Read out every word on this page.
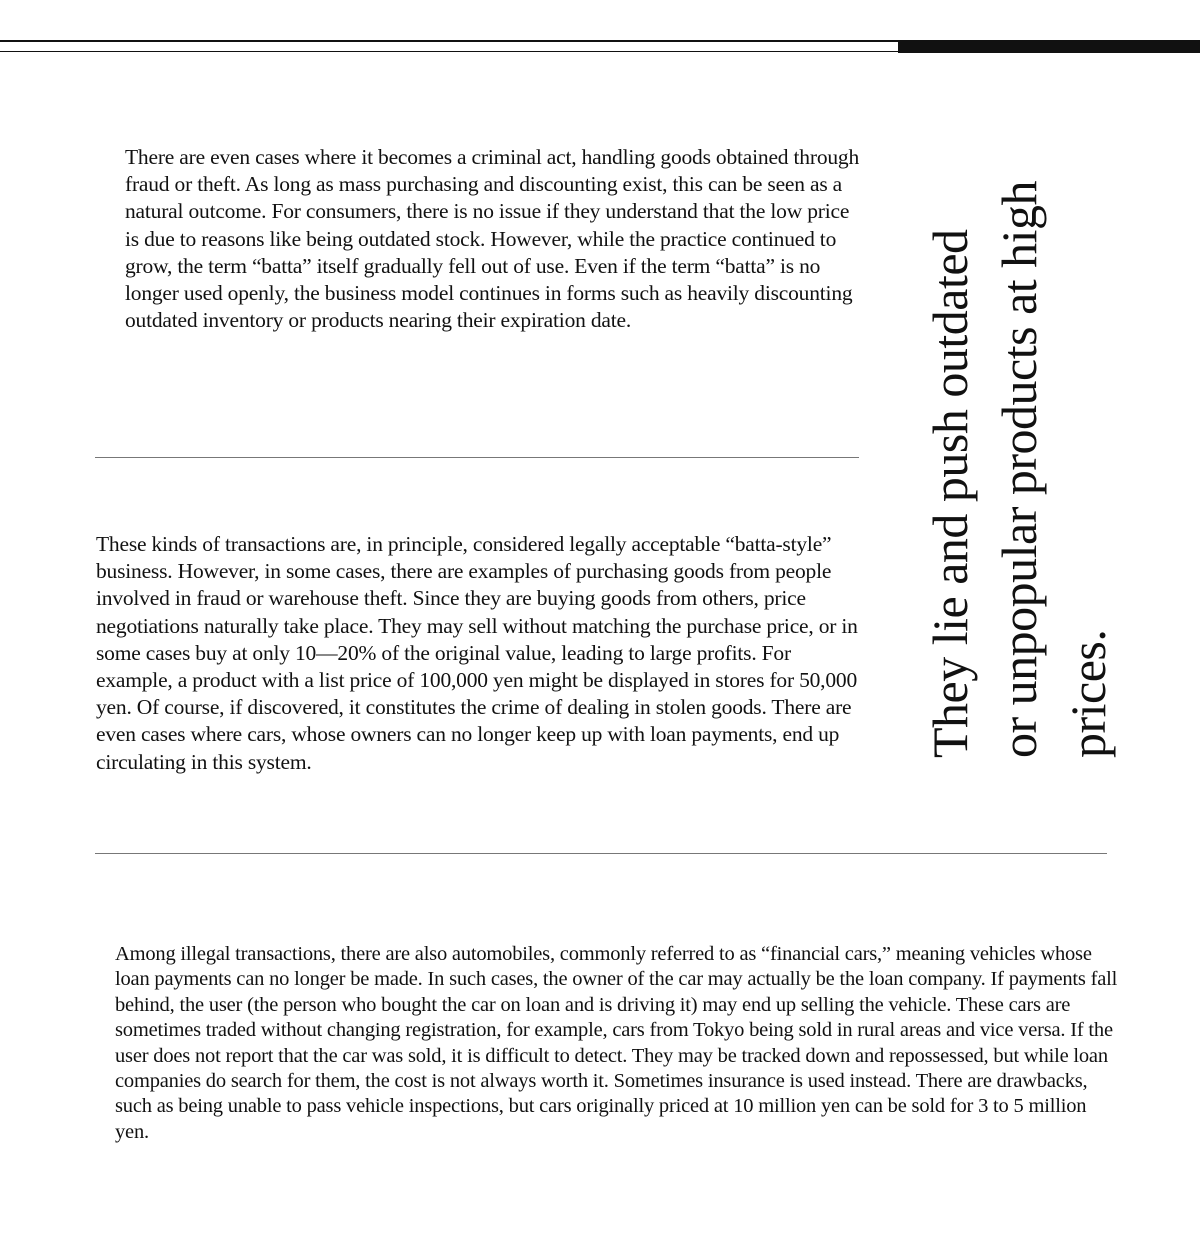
There are even cases where it becomes a criminal act, handling goods obtained through fraud or theft. As long as mass purchasing and discounting exist, this can be seen as a natural outcome. For consumers, there is no issue if they understand that the low price is due to reasons like being outdated stock. However, while the practice continued to grow, the term “batta” itself gradually fell out of use. Even if the term “batta” is no longer used openly, the business model continues in forms such as heavily discounting outdated inventory or products nearing their expiration date.

These kinds of transactions are, in principle, considered legally acceptable “batta-style” business. However, in some cases, there are examples of purchasing goods from people involved in fraud or warehouse theft. Since they are buying goods from others, price negotiations naturally take place. They may sell without matching the purchase price, or in some cases buy at only 10—20% of the original value, leading to large profits. For example, a product with a list price of 100,000 yen might be displayed in stores for 50,000 yen. Of course, if discovered, it constitutes the crime of dealing in stolen goods. There are even cases where cars, whose owners can no longer keep up with loan payments, end up circulating in this system.

Among illegal transactions, there are also automobiles, commonly referred to as “financial cars,” meaning vehicles whose loan payments can no longer be made. In such cases, the owner of the car may actually be the loan company. If payments fall behind, the user (the person who bought the car on loan and is driving it) may end up selling the vehicle. These cars are sometimes traded without changing registration, for example, cars from Tokyo being sold in rural areas and vice versa. If the user does not report that the car was sold, it is difficult to detect. They may be tracked down and repossessed, but while loan companies do search for them, the cost is not always worth it. Sometimes insurance is used instead. There are drawbacks, such as being unable to pass vehicle inspections, but cars originally priced at 10 million yen can be sold for 3 to 5 million yen.

They lie and push outdated or unpopular products at high prices.
